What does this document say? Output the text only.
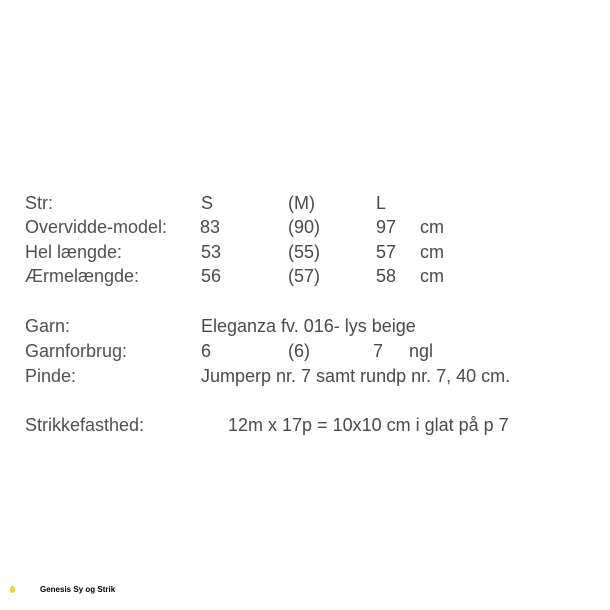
Str:	S	(M)	L
Overvidde-model: 83	(90)	97 cm
Hel længde:	53	(55)	57 cm
Ærmelængde:	56	(57)	58 cm
Garn:	Eleganza fv. 016- lys beige
Garnforbrug:	6	(6)	7 ngl
Pinde:	Jumperp nr. 7 samt rundp nr. 7, 40 cm.
Strikkefasthed:	12m x 17p = 10x10 cm i glat på p 7
Genesis Sy og Strik
